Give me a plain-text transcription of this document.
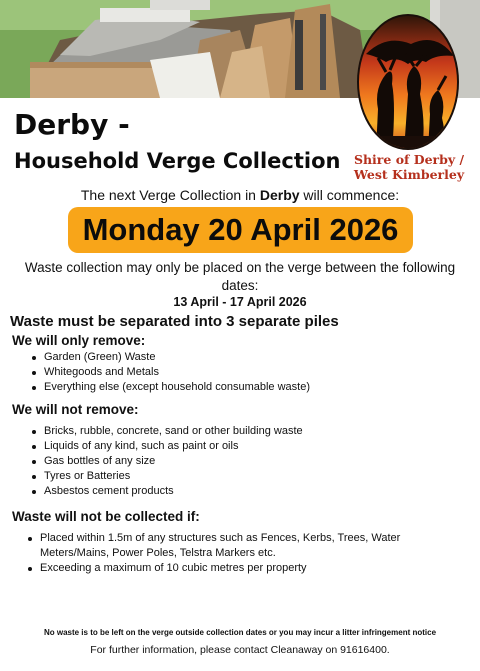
Shire of Derby /
West Kimberley
Derby -
Household Verge Collection
The next Verge Collection in Derby will commence:
Monday 20 April 2026
Waste collection may only be placed on the verge between the following dates:
13 April - 17 April 2026
Waste must be separated into 3 separate piles
We will only remove:
Garden (Green) Waste
Whitegoods and Metals
Everything else (except household consumable waste)
We will not remove:
Bricks, rubble, concrete, sand or other building waste
Liquids of any kind, such as paint or oils
Gas bottles of any size
Tyres or Batteries
Asbestos cement products
Waste will not be collected if:
Placed within 1.5m of any structures such as Fences, Kerbs, Trees, Water Meters/Mains, Power Poles, Telstra Markers etc.
Exceeding a maximum of 10 cubic metres per property
No waste is to be left on the verge outside collection dates or you may incur a litter infringement notice
For further information, please contact Cleanaway on 91616400.
